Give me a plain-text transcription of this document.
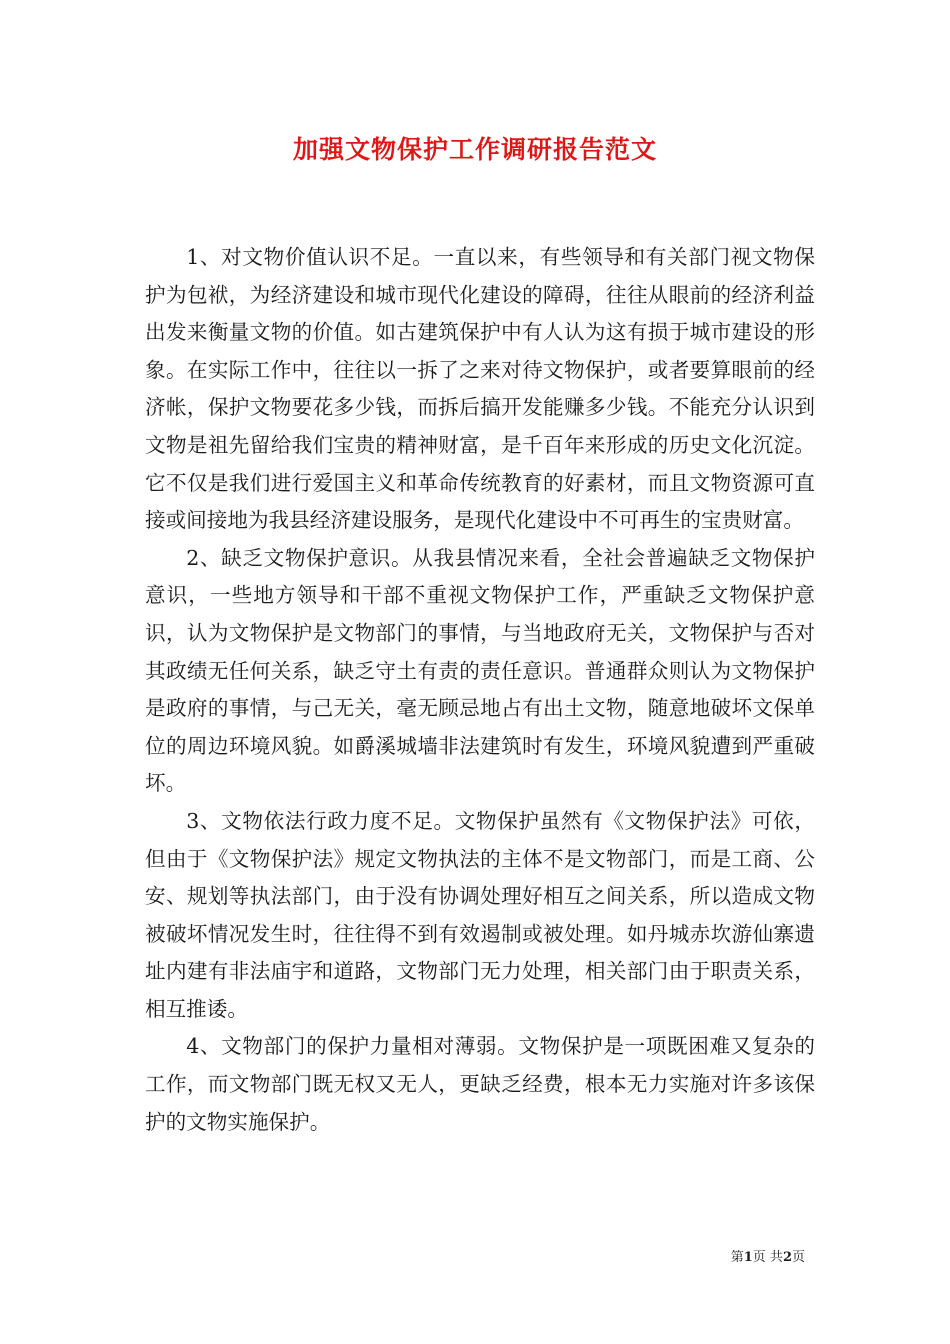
加强文物保护工作调研报告范文

1、对文物价值认识不足。一直以来，有些领导和有关部门视文物保护为包袱，为经济建设和城市现代化建设的障碍，往往从眼前的经济利益出发来衡量文物的价值。如古建筑保护中有人认为这有损于城市建设的形象。在实际工作中，往往以一拆了之来对待文物保护，或者要算眼前的经济帐，保护文物要花多少钱，而拆后搞开发能赚多少钱。不能充分认识到文物是祖先留给我们宝贵的精神财富，是千百年来形成的历史文化沉淀。它不仅是我们进行爱国主义和革命传统教育的好素材，而且文物资源可直接或间接地为我县经济建设服务，是现代化建设中不可再生的宝贵财富。

2、缺乏文物保护意识。从我县情况来看，全社会普遍缺乏文物保护意识，一些地方领导和干部不重视文物保护工作，严重缺乏文物保护意识，认为文物保护是文物部门的事情，与当地政府无关，文物保护与否对其政绩无任何关系，缺乏守土有责的责任意识。普通群众则认为文物保护是政府的事情，与己无关，毫无顾忌地占有出土文物，随意地破坏文保单位的周边环境风貌。如爵溪城墙非法建筑时有发生，环境风貌遭到严重破坏。

3、文物依法行政力度不足。文物保护虽然有《文物保护法》可依，但由于《文物保护法》规定文物执法的主体不是文物部门，而是工商、公安、规划等执法部门，由于没有协调处理好相互之间关系，所以造成文物被破坏情况发生时，往往得不到有效遏制或被处理。如丹城赤坎游仙寨遗址内建有非法庙宇和道路，文物部门无力处理，相关部门由于职责关系，相互推诿。

4、文物部门的保护力量相对薄弱。文物保护是一项既困难又复杂的工作，而文物部门既无权又无人，更缺乏经费，根本无力实施对许多该保护的文物实施保护。

第1页 共2页
